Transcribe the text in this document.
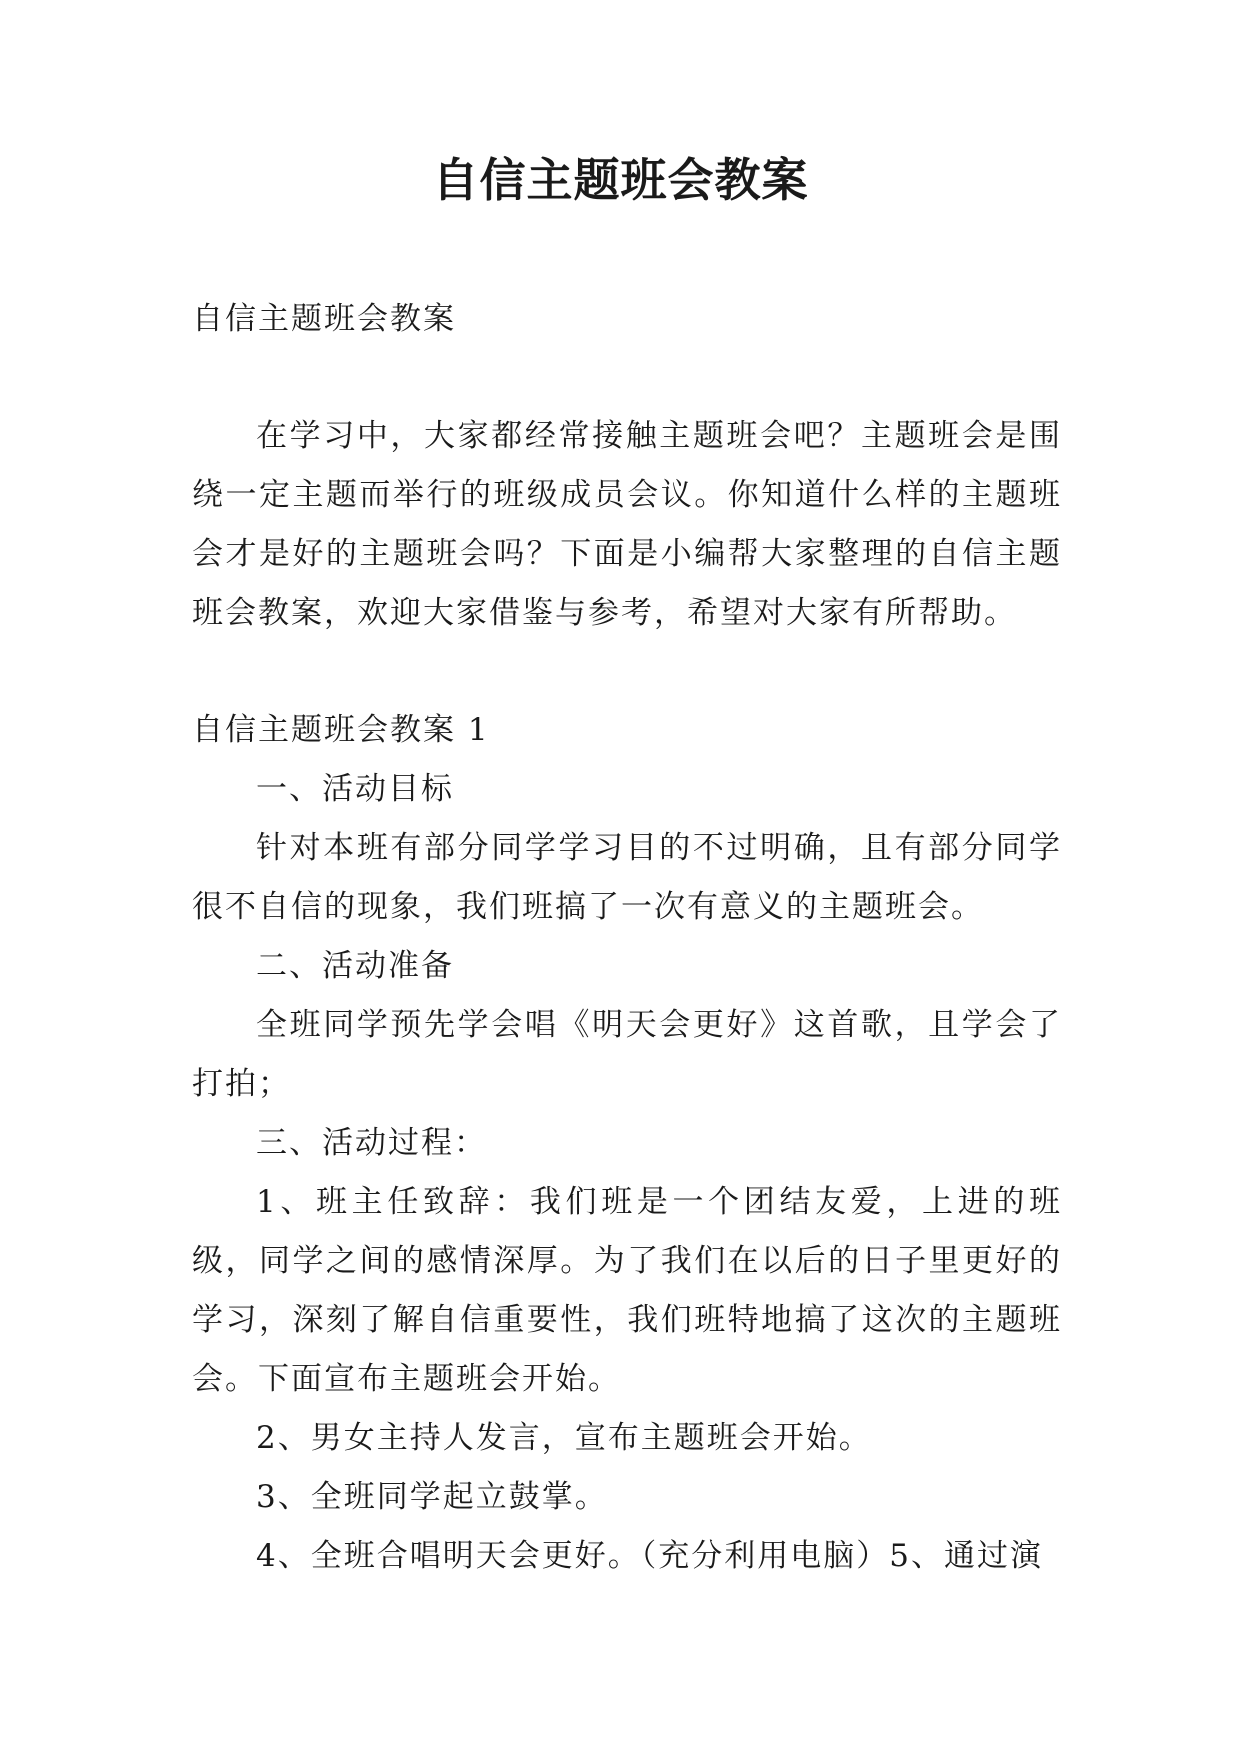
自信主题班会教案

自信主题班会教案

在学习中，大家都经常接触主题班会吧？主题班会是围绕一定主题而举行的班级成员会议。你知道什么样的主题班会才是好的主题班会吗？下面是小编帮大家整理的自信主题班会教案，欢迎大家借鉴与参考，希望对大家有所帮助。

自信主题班会教案 1

一、活动目标

针对本班有部分同学学习目的不过明确，且有部分同学很不自信的现象，我们班搞了一次有意义的主题班会。

二、活动准备

全班同学预先学会唱《明天会更好》这首歌，且学会了打拍；

三、活动过程：

1、班主任致辞：我们班是一个团结友爱，上进的班级，同学之间的感情深厚。为了我们在以后的日子里更好的学习，深刻了解自信重要性，我们班特地搞了这次的主题班会。下面宣布主题班会开始。

2、男女主持人发言，宣布主题班会开始。

3、全班同学起立鼓掌。

4、全班合唱明天会更好。（充分利用电脑）5、通过演
